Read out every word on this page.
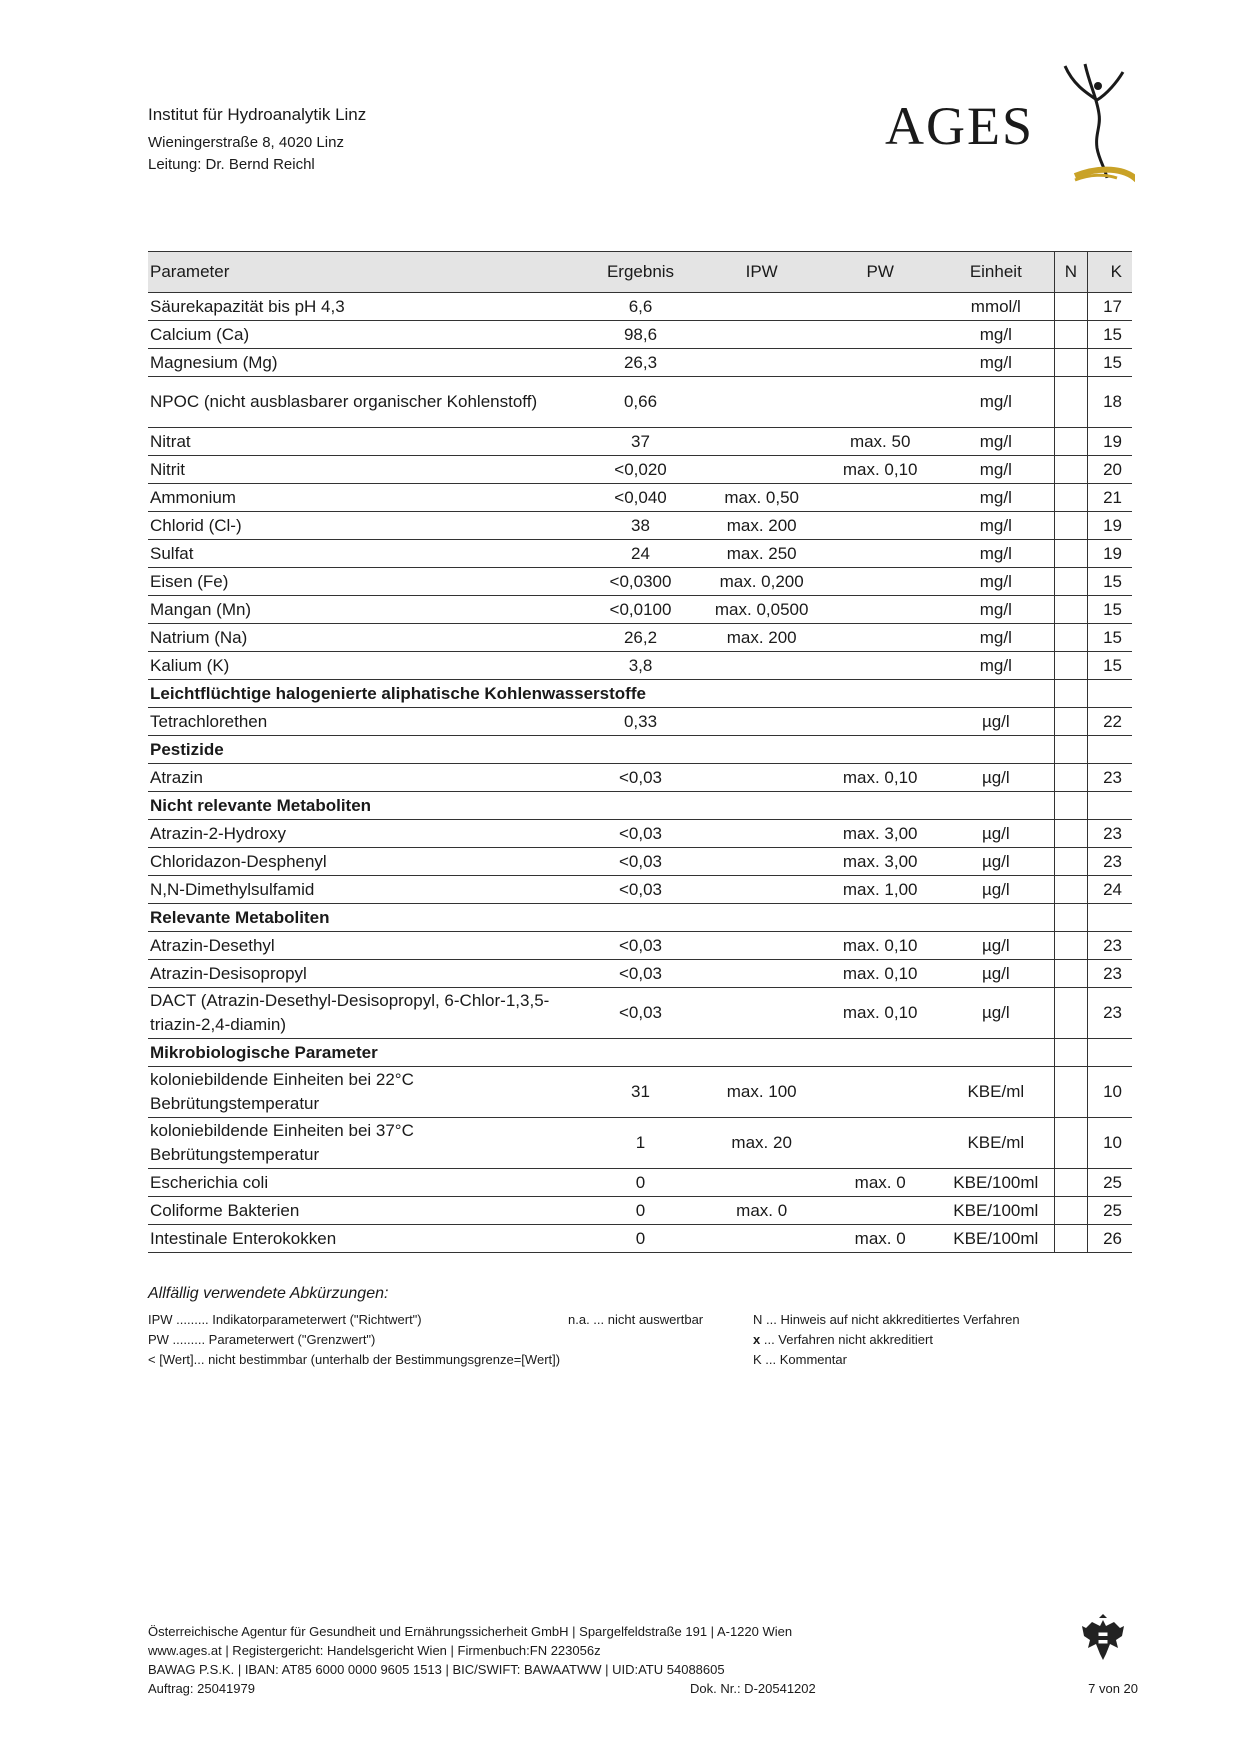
Institut für Hydroanalytik Linz
Wieningerstraße 8, 4020 Linz
Leitung: Dr. Bernd Reichl
AGES
Parameter	Ergebnis	IPW	PW	Einheit	N	K
Säurekapazität bis pH 4,3	6,6			mmol/l		17
Calcium (Ca)	98,6			mg/l		15
Magnesium (Mg)	26,3			mg/l		15
NPOC (nicht ausblasbarer organischer Kohlenstoff)	0,66			mg/l		18
Nitrat	37		max. 50	mg/l		19
Nitrit	<0,020		max. 0,10	mg/l		20
Ammonium	<0,040	max. 0,50		mg/l		21
Chlorid (Cl-)	38	max. 200		mg/l		19
Sulfat	24	max. 250		mg/l		19
Eisen (Fe)	<0,0300	max. 0,200		mg/l		15
Mangan (Mn)	<0,0100	max. 0,0500		mg/l		15
Natrium (Na)	26,2	max. 200		mg/l		15
Kalium (K)	3,8			mg/l		15
Leichtflüchtige halogenierte aliphatische Kohlenwasserstoffe						
Tetrachlorethen	0,33			µg/l		22
Pestizide						
Atrazin	<0,03		max. 0,10	µg/l		23
Nicht relevante Metaboliten						
Atrazin-2-Hydroxy	<0,03		max. 3,00	µg/l		23
Chloridazon-Desphenyl	<0,03		max. 3,00	µg/l		23
N,N-Dimethylsulfamid	<0,03		max. 1,00	µg/l		24
Relevante Metaboliten						
Atrazin-Desethyl	<0,03		max. 0,10	µg/l		23
Atrazin-Desisopropyl	<0,03		max. 0,10	µg/l		23
DACT (Atrazin-Desethyl-Desisopropyl, 6-Chlor-1,3,5-triazin-2,4-diamin)	<0,03		max. 0,10	µg/l		23
Mikrobiologische Parameter						
koloniebildende Einheiten bei 22°C Bebrütungstemperatur	31	max. 100		KBE/ml		10
koloniebildende Einheiten bei 37°C Bebrütungstemperatur	1	max. 20		KBE/ml		10
Escherichia coli	0		max. 0	KBE/100ml		25
Coliforme Bakterien	0	max. 0		KBE/100ml		25
Intestinale Enterokokken	0		max. 0	KBE/100ml		26
Allfällig verwendete Abkürzungen:
IPW ......... Indikatorparameterwert ("Richtwert")
PW ......... Parameterwert ("Grenzwert")
< [Wert]... nicht bestimmbar (unterhalb der Bestimmungsgrenze=[Wert])
n.a. ... nicht auswertbar	N ... Hinweis auf nicht akkreditiertes Verfahren
x ... Verfahren nicht akkreditiert
K ... Kommentar
Österreichische Agentur für Gesundheit und Ernährungssicherheit GmbH | Spargelfeldstraße 191 | A-1220 Wien
www.ages.at | Registergericht: Handelsgericht Wien | Firmenbuch:FN 223056z
BAWAG P.S.K. | IBAN: AT85 6000 0000 9605 1513 | BIC/SWIFT: BAWAATWW | UID:ATU 54088605
Auftrag: 25041979	Dok. Nr.: D-20541202	7 von 20
